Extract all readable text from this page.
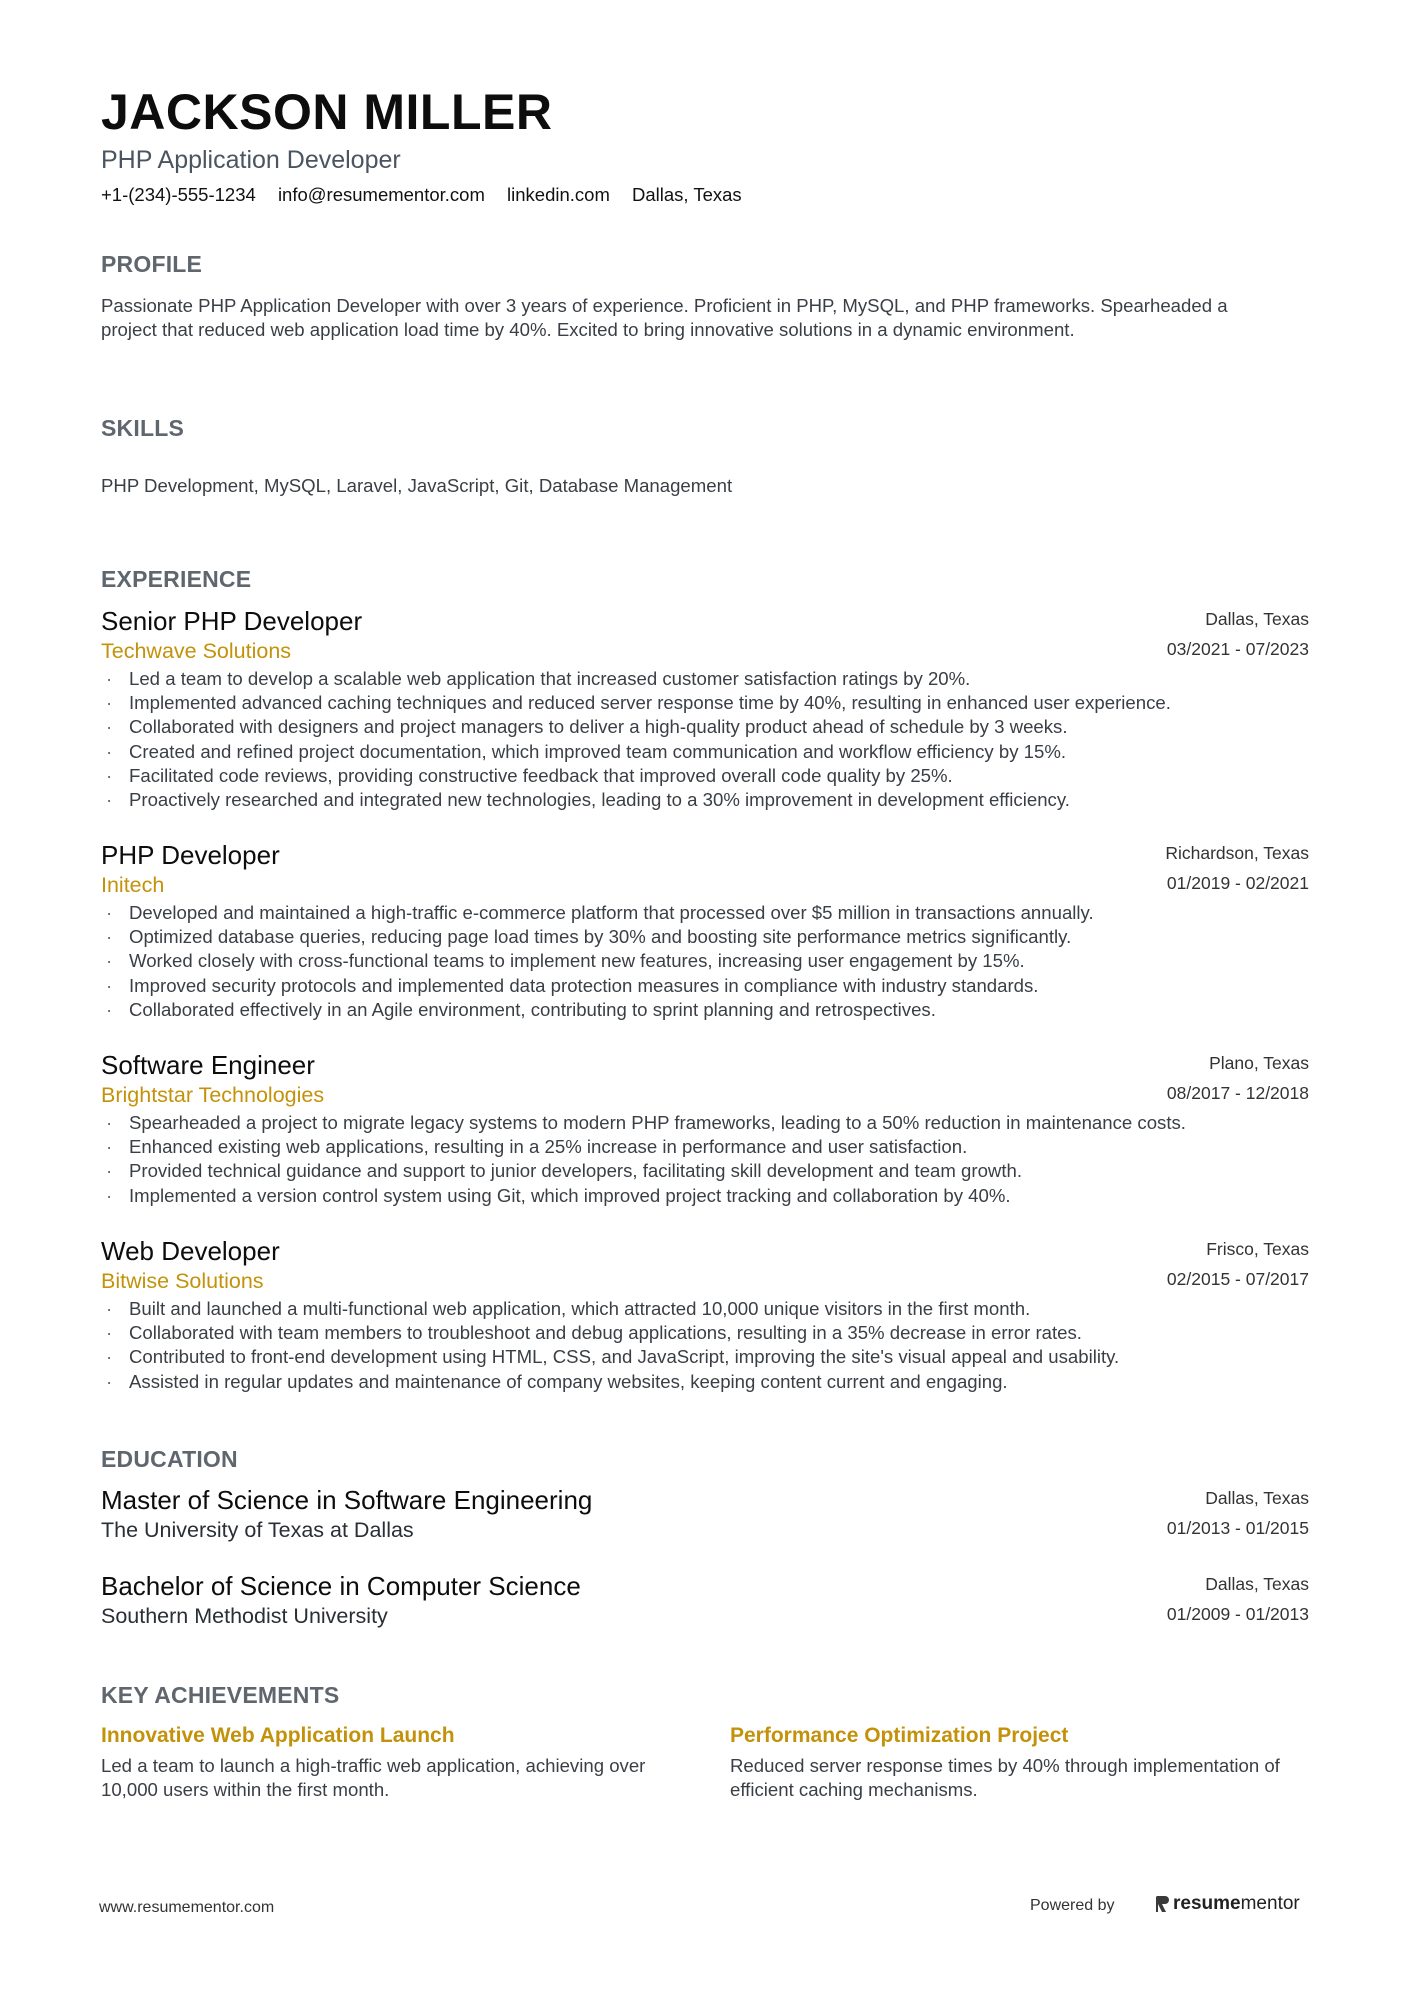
JACKSON MILLER
PHP Application Developer
+1-(234)-555-1234 info@resumementor.com linkedin.com Dallas, Texas
PROFILE
Passionate PHP Application Developer with over 3 years of experience. Proficient in PHP, MySQL, and PHP frameworks. Spearheaded a project that reduced web application load time by 40%. Excited to bring innovative solutions in a dynamic environment.
SKILLS
PHP Development, MySQL, Laravel, JavaScript, Git, Database Management
EXPERIENCE
Senior PHP Developer	Dallas, Texas
Techwave Solutions	03/2021 - 07/2023
· Led a team to develop a scalable web application that increased customer satisfaction ratings by 20%.
· Implemented advanced caching techniques and reduced server response time by 40%, resulting in enhanced user experience.
· Collaborated with designers and project managers to deliver a high-quality product ahead of schedule by 3 weeks.
· Created and refined project documentation, which improved team communication and workflow efficiency by 15%.
· Facilitated code reviews, providing constructive feedback that improved overall code quality by 25%.
· Proactively researched and integrated new technologies, leading to a 30% improvement in development efficiency.
PHP Developer	Richardson, Texas
Initech	01/2019 - 02/2021
· Developed and maintained a high-traffic e-commerce platform that processed over $5 million in transactions annually.
· Optimized database queries, reducing page load times by 30% and boosting site performance metrics significantly.
· Worked closely with cross-functional teams to implement new features, increasing user engagement by 15%.
· Improved security protocols and implemented data protection measures in compliance with industry standards.
· Collaborated effectively in an Agile environment, contributing to sprint planning and retrospectives.
Software Engineer	Plano, Texas
Brightstar Technologies	08/2017 - 12/2018
· Spearheaded a project to migrate legacy systems to modern PHP frameworks, leading to a 50% reduction in maintenance costs.
· Enhanced existing web applications, resulting in a 25% increase in performance and user satisfaction.
· Provided technical guidance and support to junior developers, facilitating skill development and team growth.
· Implemented a version control system using Git, which improved project tracking and collaboration by 40%.
Web Developer	Frisco, Texas
Bitwise Solutions	02/2015 - 07/2017
· Built and launched a multi-functional web application, which attracted 10,000 unique visitors in the first month.
· Collaborated with team members to troubleshoot and debug applications, resulting in a 35% decrease in error rates.
· Contributed to front-end development using HTML, CSS, and JavaScript, improving the site's visual appeal and usability.
· Assisted in regular updates and maintenance of company websites, keeping content current and engaging.
EDUCATION
Master of Science in Software Engineering	Dallas, Texas
The University of Texas at Dallas	01/2013 - 01/2015
Bachelor of Science in Computer Science	Dallas, Texas
Southern Methodist University	01/2009 - 01/2013
KEY ACHIEVEMENTS
Innovative Web Application Launch
Led a team to launch a high-traffic web application, achieving over 10,000 users within the first month.
Performance Optimization Project
Reduced server response times by 40% through implementation of efficient caching mechanisms.
www.resumementor.com	Powered by	resume mentor
